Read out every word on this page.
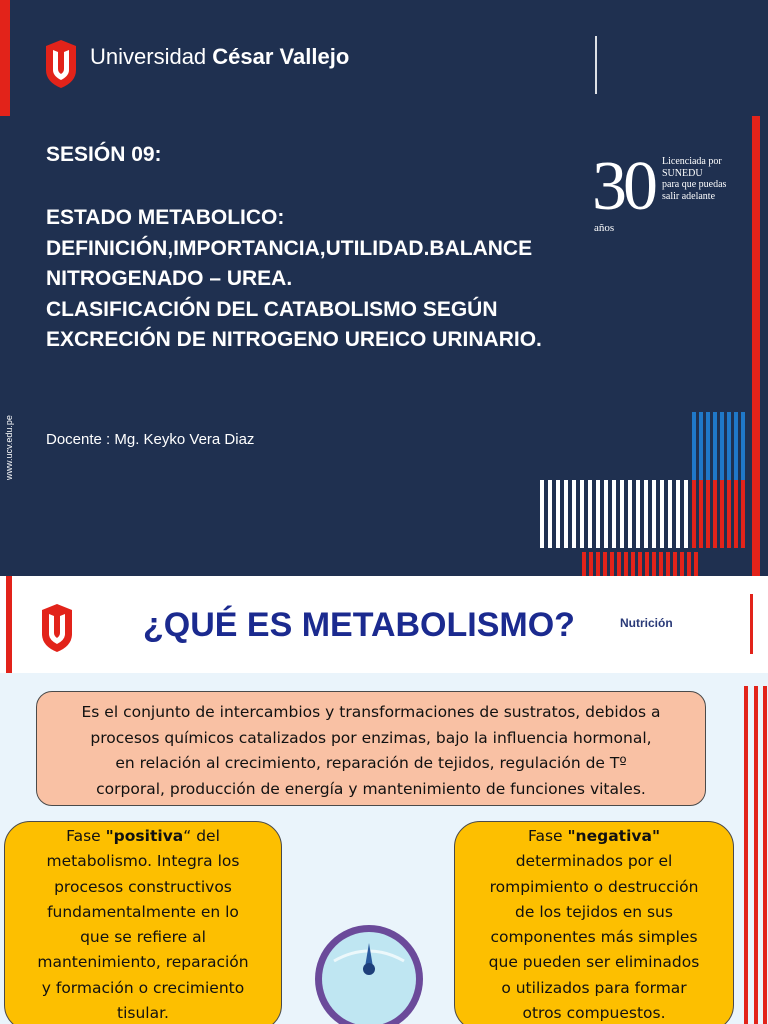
Universidad César Vallejo
SESIÓN 09:
ESTADO METABOLICO:
DEFINICIÓN,IMPORTANCIA,UTILIDAD.BALANCE
NITROGENADO – UREA.
CLASIFICACIÓN DEL CATABOLISMO SEGÚN
EXCRECIÓN DE NITROGENO UREICO URINARIO.
Docente : Mg. Keyko Vera Diaz
www.ucv.edu.pe
30
años
Licenciada por
SUNEDU
para que puedas
salir adelante
¿QUÉ ES METABOLISMO?	Nutrición
Es el conjunto de intercambios y transformaciones de sustratos, debidos a
procesos químicos catalizados por enzimas, bajo la influencia hormonal,
en relación al crecimiento, reparación de tejidos, regulación de Tº
corporal, producción de energía y mantenimiento de funciones vitales.
Fase "positiva“ del
metabolismo. Integra los
procesos constructivos
fundamentalmente en lo
que se refiere al
mantenimiento, reparación
y formación o crecimiento
tisular.
Fase "negativa"
determinados por el
rompimiento o destrucción
de los tejidos en sus
componentes más simples
que pueden ser eliminados
o utilizados para formar
otros compuestos.
